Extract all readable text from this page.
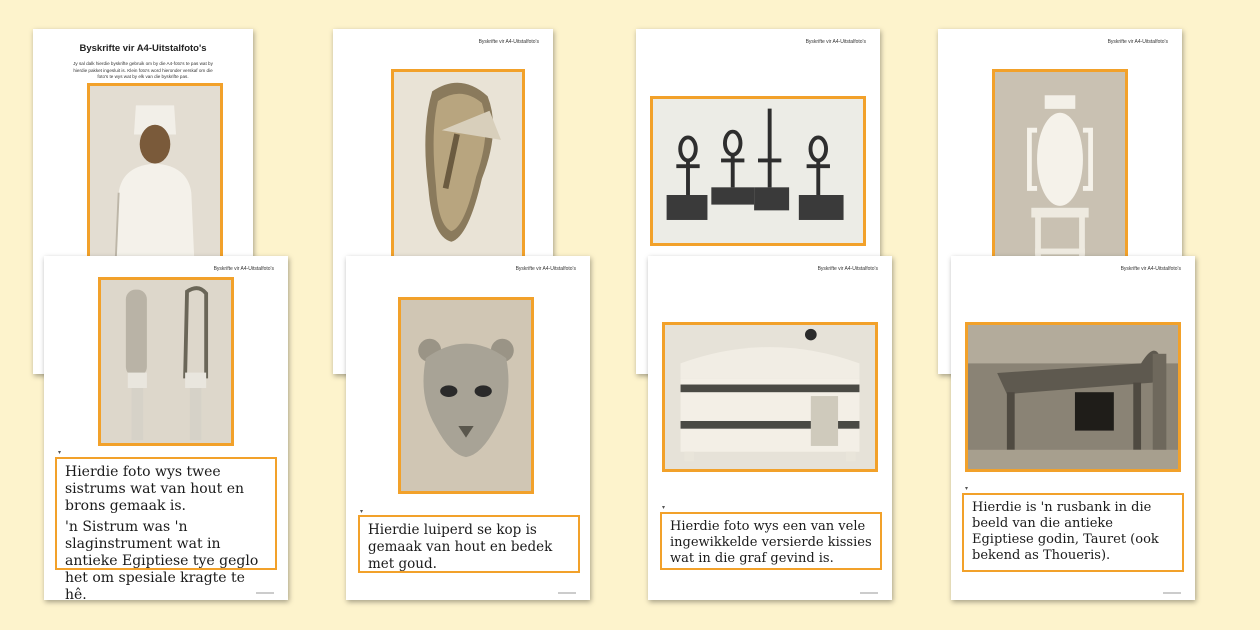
Byskrifte vir A4-Uitstalfoto's
Jy sal dalk hierdie byskrifte gebruik om by die A4-foto's te pas wat by hierdie pakket ingesluit is. Klein foto's word hieronder verskaf om die foto's te wys wat by elk van die byskrifte pas.
Byskrifte vir A4-Uitstalfoto's	Byskrifte vir A4-Uitstalfoto's	Byskrifte vir A4-Uitstalfoto's
Byskrifte vir A4-Uitstalfoto's
▾

Hierdie foto wys twee sistrums wat van hout en brons gemaak is.

'n Sistrum was 'n slaginstrument wat in antieke Egiptiese tye geglo het om spesiale kragte te hê.

Byskrifte vir A4-Uitstalfoto's
▾

Hierdie luiperd se kop is gemaak van hout en bedek met goud.

Byskrifte vir A4-Uitstalfoto's
▾

Hierdie foto wys een van vele ingewikkelde versierde kissies wat in die graf gevind is.

Byskrifte vir A4-Uitstalfoto's
▾

Hierdie is 'n rusbank in die beeld van die antieke Egiptiese godin, Tauret (ook bekend as Thoueris).
